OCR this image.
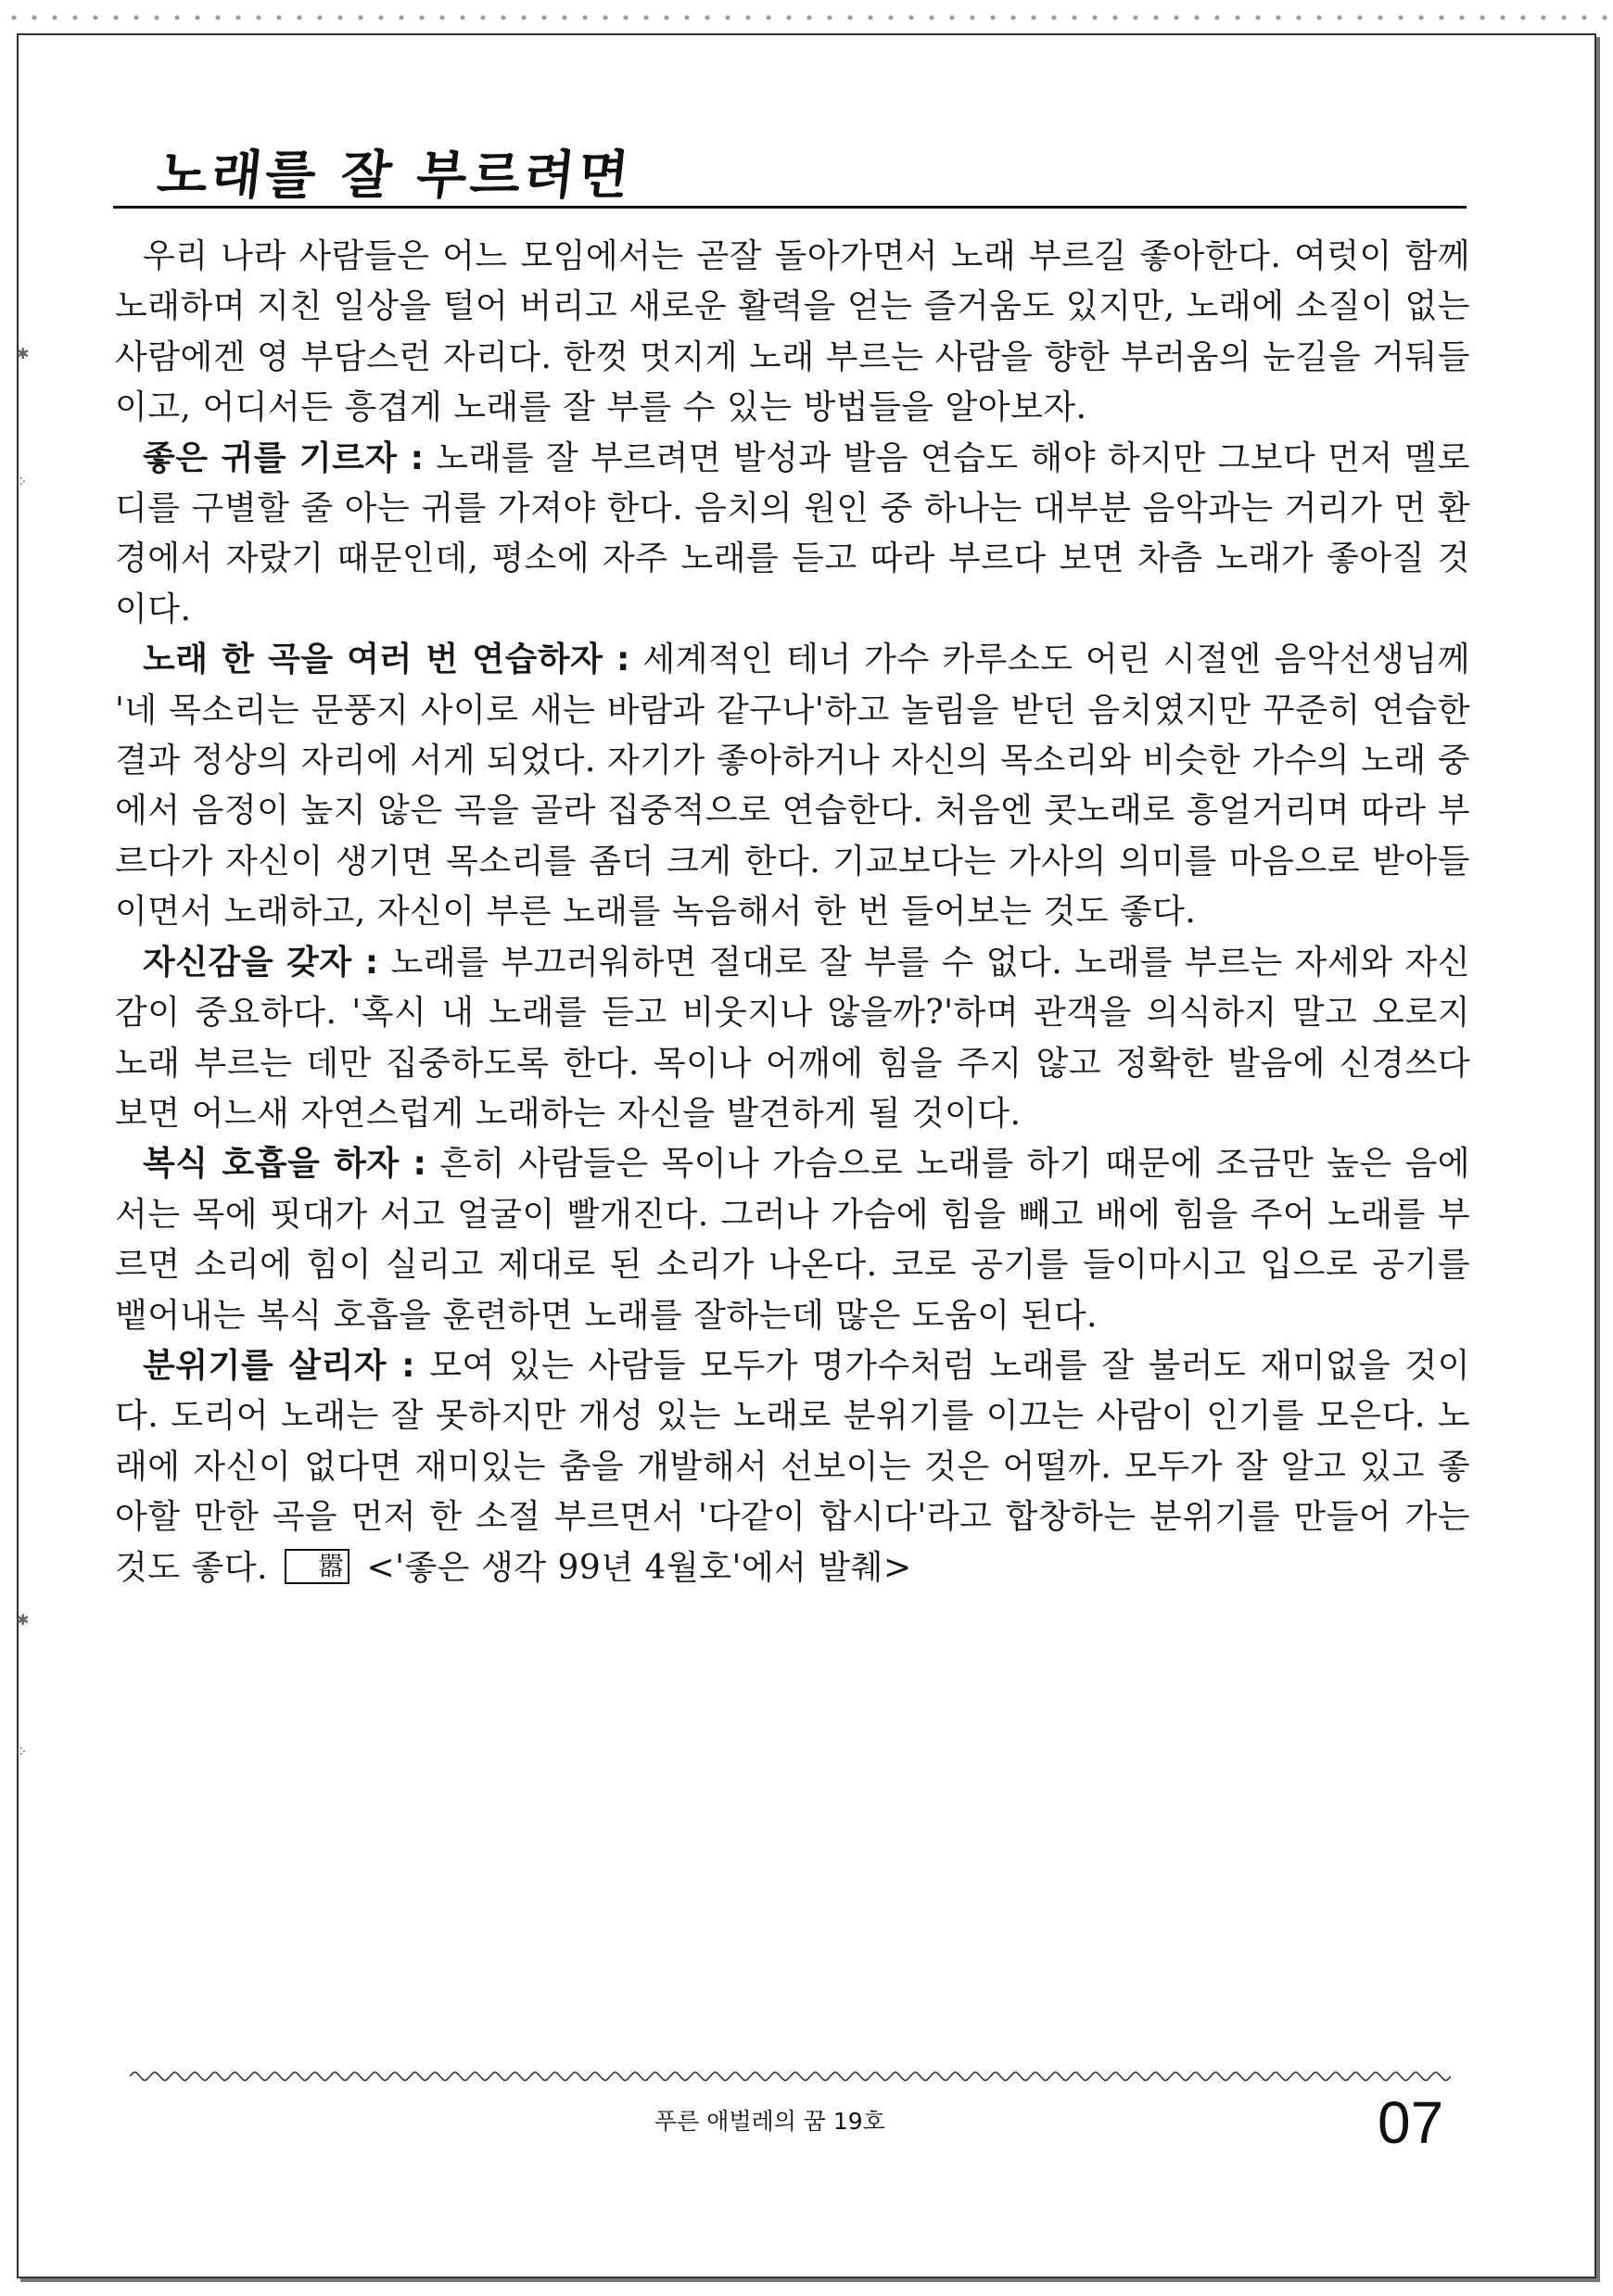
✱
⁘
✱
⁘
노래를 잘 부르려면

우리 나라 사람들은 어느 모임에서는 곧잘 돌아가면서 노래 부르길 좋아한다. 여럿이 함께 노래하며 지친 일상을 털어 버리고 새로운 활력을 얻는 즐거움도 있지만, 노래에 소질이 없는 사람에겐 영 부담스런 자리다. 한껏 멋지게 노래 부르는 사람을 향한 부러움의 눈길을 거둬들이고, 어디서든 흥겹게 노래를 잘 부를 수 있는 방법들을 알아보자.

좋은 귀를 기르자 : 노래를 잘 부르려면 발성과 발음 연습도 해야 하지만 그보다 먼저 멜로디를 구별할 줄 아는 귀를 가져야 한다. 음치의 원인 중 하나는 대부분 음악과는 거리가 먼 환경에서 자랐기 때문인데, 평소에 자주 노래를 듣고 따라 부르다 보면 차츰 노래가 좋아질 것이다.

노래 한 곡을 여러 번 연습하자 : 세계적인 테너 가수 카루소도 어린 시절엔 음악선생님께 '네 목소리는 문풍지 사이로 새는 바람과 같구나'하고 놀림을 받던 음치였지만 꾸준히 연습한 결과 정상의 자리에 서게 되었다. 자기가 좋아하거나 자신의 목소리와 비슷한 가수의 노래 중에서 음정이 높지 않은 곡을 골라 집중적으로 연습한다. 처음엔 콧노래로 흥얼거리며 따라 부르다가 자신이 생기면 목소리를 좀더 크게 한다. 기교보다는 가사의 의미를 마음으로 받아들이면서 노래하고, 자신이 부른 노래를 녹음해서 한 번 들어보는 것도 좋다.

자신감을 갖자 : 노래를 부끄러워하면 절대로 잘 부를 수 없다. 노래를 부르는 자세와 자신감이 중요하다. '혹시 내 노래를 듣고 비웃지나 않을까?'하며 관객을 의식하지 말고 오로지 노래 부르는 데만 집중하도록 한다. 목이나 어깨에 힘을 주지 않고 정확한 발음에 신경쓰다 보면 어느새 자연스럽게 노래하는 자신을 발견하게 될 것이다.

복식 호흡을 하자 : 흔히 사람들은 목이나 가슴으로 노래를 하기 때문에 조금만 높은 음에서는 목에 핏대가 서고 얼굴이 빨개진다. 그러나 가슴에 힘을 빼고 배에 힘을 주어 노래를 부르면 소리에 힘이 실리고 제대로 된 소리가 나온다. 코로 공기를 들이마시고 입으로 공기를 뱉어내는 복식 호흡을 훈련하면 노래를 잘하는데 많은 도움이 된다.

분위기를 살리자 : 모여 있는 사람들 모두가 명가수처럼 노래를 잘 불러도 재미없을 것이다. 도리어 노래는 잘 못하지만 개성 있는 노래로 분위기를 이끄는 사람이 인기를 모은다. 노래에 자신이 없다면 재미있는 춤을 개발해서 선보이는 것은 어떨까. 모두가 잘 알고 있고 좋아할 만한 곡을 먼저 한 소절 부르면서 '다같이 합시다'라고 합창하는 분위기를 만들어 가는 것도 좋다. 嚣 <'좋은 생각 99년 4월호'에서 발췌>

푸른 애벌레의 꿈 19호	07
